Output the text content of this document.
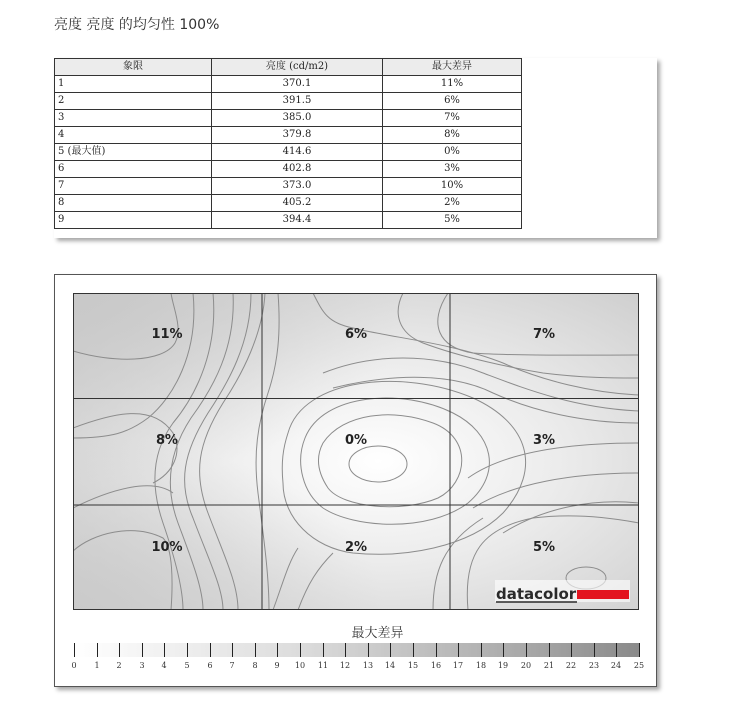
亮度 亮度 的均匀性 100%
象限	亮度 (cd/m2)	最大差异
1	370.1	11%
2	391.5	6%
3	385.0	7%
4	379.8	8%
5 (最大值)	414.6	0%
6	402.8	3%
7	373.0	10%
8	405.2	2%
9	394.4	5%
11%	6%	7%
8%	0%	3%
10%	2%	5%
datacolor
最大差异
0 1 2 3 4 5 6 7 8 9 10 11 12 13 14 15 16 17 18 19 20 21 22 23 24 25
